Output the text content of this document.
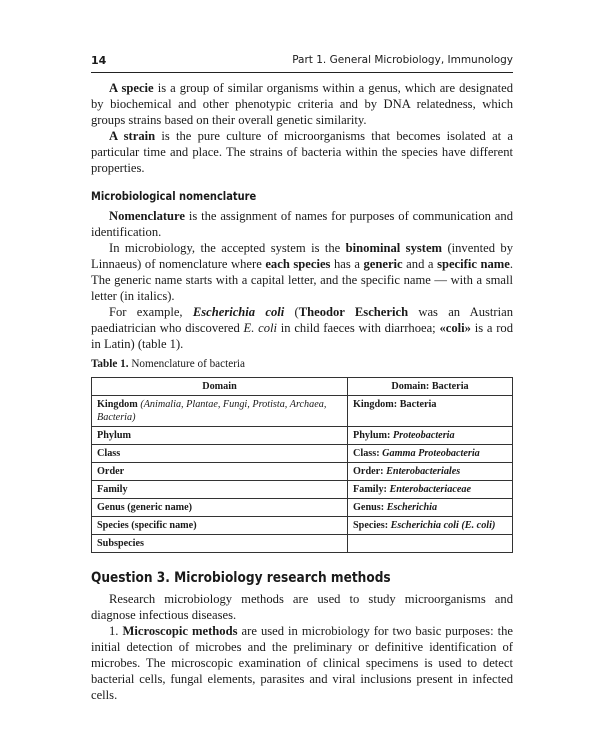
14	Part 1. General Microbiology, Immunology

A specie is a group of similar organisms within a genus, which are designated by biochemical and other phenotypic criteria and by DNA relatedness, which groups strains based on their overall genetic similarity.

A strain is the pure culture of microorganisms that becomes isolated at a particular time and place. The strains of bacteria within the species have different properties.

Microbiological nomenclature

Nomenclature is the assignment of names for purposes of communication and identification.

In microbiology, the accepted system is the binominal system (invented by Linnaeus) of nomenclature where each species has a generic and a specific name. The generic name starts with a capital letter, and the specific name — with a small letter (in italics).

For example, Escherichia coli (Theodor Escherich was an Austrian paediatrician who discovered E. coli in child faeces with diarrhoea; «coli» is a rod in Latin) (table 1).

Table 1. Nomenclature of bacteria
Domain	Domain: Bacteria
Kingdom (Animalia, Plantae, Fungi, Protista, Archaea, Bacteria)	Kingdom: Bacteria
Phylum	Phylum: Proteobacteria
Class	Class: Gamma Proteobacteria
Order	Order: Enterobacteriales
Family	Family: Enterobacteriaceae
Genus (generic name)	Genus: Escherichia
Species (specific name)	Species: Escherichia coli (E. coli)
Subspecies	
Question 3. Microbiology research methods

Research microbiology methods are used to study microorganisms and diagnose infectious diseases.

1. Microscopic methods are used in microbiology for two basic purposes: the initial detection of microbes and the preliminary or definitive identification of microbes. The microscopic examination of clinical specimens is used to detect bacterial cells, fungal elements, parasites and viral inclusions present in infected cells.
